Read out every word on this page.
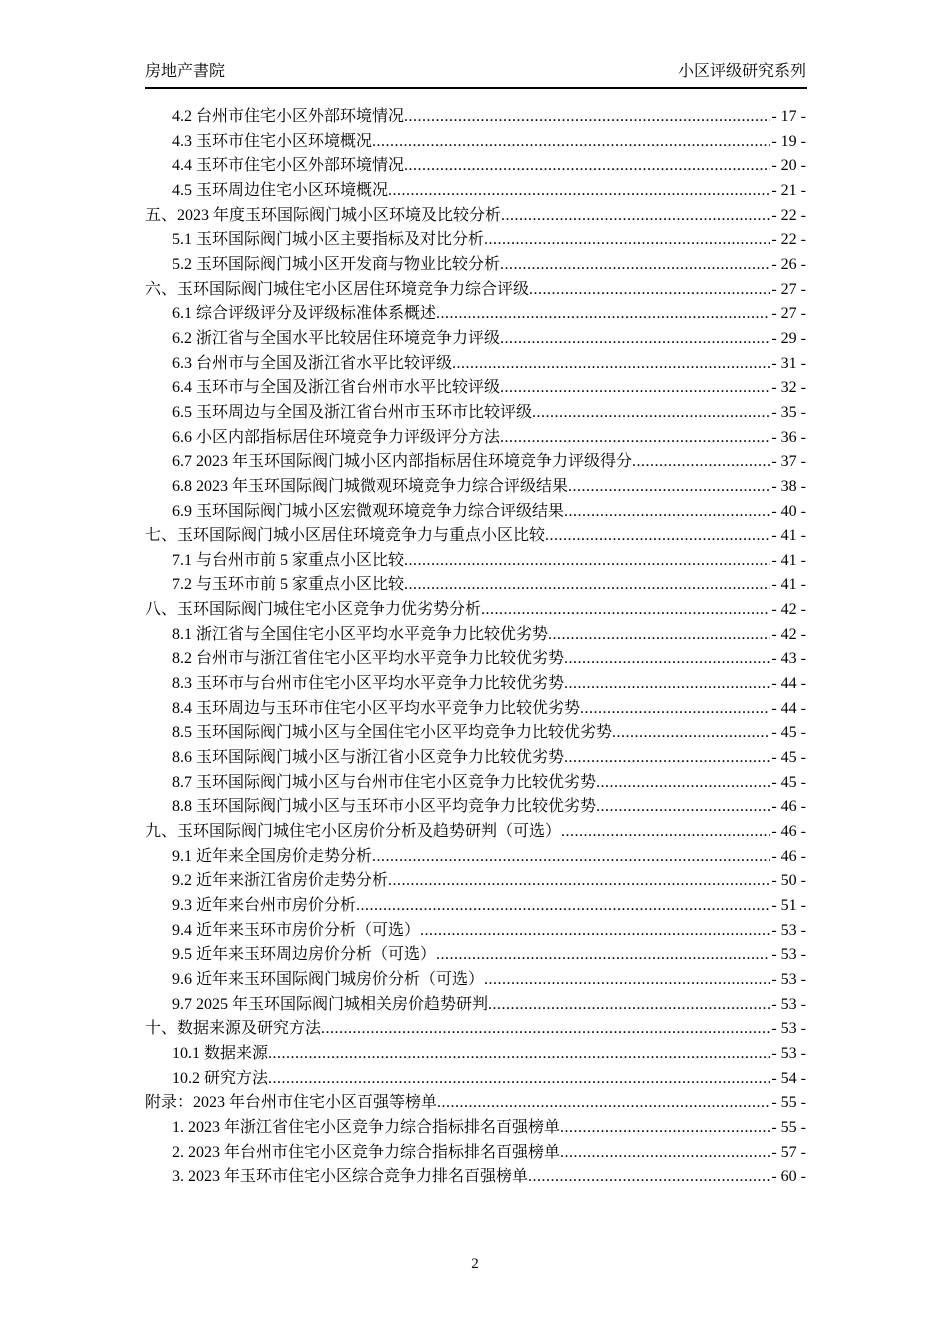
房地产書院	小区评级研究系列
4.2 台州市住宅小区外部环境情况 .....	- 17 -
4.3 玉环市住宅小区环境概况 .....	- 19 -
4.4 玉环市住宅小区外部环境情况 .....	- 20 -
4.5 玉环周边住宅小区环境概况 .....	- 21 -
五、2023 年度玉环国际阀门城小区环境及比较分析 .....	- 22 -
5.1 玉环国际阀门城小区主要指标及对比分析 .....	- 22 -
5.2 玉环国际阀门城小区开发商与物业比较分析 .....	- 26 -
六、玉环国际阀门城住宅小区居住环境竞争力综合评级 .....	- 27 -
6.1 综合评级评分及评级标准体系概述 .....	- 27 -
6.2 浙江省与全国水平比较居住环境竞争力评级 .....	- 29 -
6.3 台州市与全国及浙江省水平比较评级 .....	- 31 -
6.4 玉环市与全国及浙江省台州市水平比较评级 .....	- 32 -
6.5 玉环周边与全国及浙江省台州市玉环市比较评级 .....	- 35 -
6.6 小区内部指标居住环境竞争力评级评分方法 .....	- 36 -
6.7 2023 年玉环国际阀门城小区内部指标居住环境竞争力评级得分 .....	- 37 -
6.8 2023 年玉环国际阀门城微观环境竞争力综合评级结果 .....	- 38 -
6.9 玉环国际阀门城小区宏微观环境竞争力综合评级结果 .....	- 40 -
七、玉环国际阀门城小区居住环境竞争力与重点小区比较 .....	- 41 -
7.1 与台州市前 5 家重点小区比较 .....	- 41 -
7.2 与玉环市前 5 家重点小区比较 .....	- 41 -
八、玉环国际阀门城住宅小区竞争力优劣势分析 .....	- 42 -
8.1 浙江省与全国住宅小区平均水平竞争力比较优劣势 .....	- 42 -
8.2 台州市与浙江省住宅小区平均水平竞争力比较优劣势 .....	- 43 -
8.3 玉环市与台州市住宅小区平均水平竞争力比较优劣势 .....	- 44 -
8.4 玉环周边与玉环市住宅小区平均水平竞争力比较优劣势 .....	- 44 -
8.5 玉环国际阀门城小区与全国住宅小区平均竞争力比较优劣势 .....	- 45 -
8.6 玉环国际阀门城小区与浙江省小区竞争力比较优劣势 .....	- 45 -
8.7 玉环国际阀门城小区与台州市住宅小区竞争力比较优劣势 .....	- 45 -
8.8 玉环国际阀门城小区与玉环市小区平均竞争力比较优劣势 .....	- 46 -
九、玉环国际阀门城住宅小区房价分析及趋势研判（可选） .....	- 46 -
9.1 近年来全国房价走势分析 .....	- 46 -
9.2 近年来浙江省房价走势分析 .....	- 50 -
9.3 近年来台州市房价分析 .....	- 51 -
9.4 近年来玉环市房价分析（可选） .....	- 53 -
9.5 近年来玉环周边房价分析（可选） .....	- 53 -
9.6 近年来玉环国际阀门城房价分析（可选） .....	- 53 -
9.7 2025 年玉环国际阀门城相关房价趋势研判 .....	- 53 -
十、数据来源及研究方法 .....	- 53 -
10.1 数据来源 .....	- 53 -
10.2 研究方法 .....	- 54 -
附录：2023 年台州市住宅小区百强等榜单 .....	- 55 -
1. 2023 年浙江省住宅小区竞争力综合指标排名百强榜单 .....	- 55 -
2. 2023 年台州市住宅小区竞争力综合指标排名百强榜单 .....	- 57 -
3. 2023 年玉环市住宅小区综合竞争力排名百强榜单 .....	- 60 -
2
